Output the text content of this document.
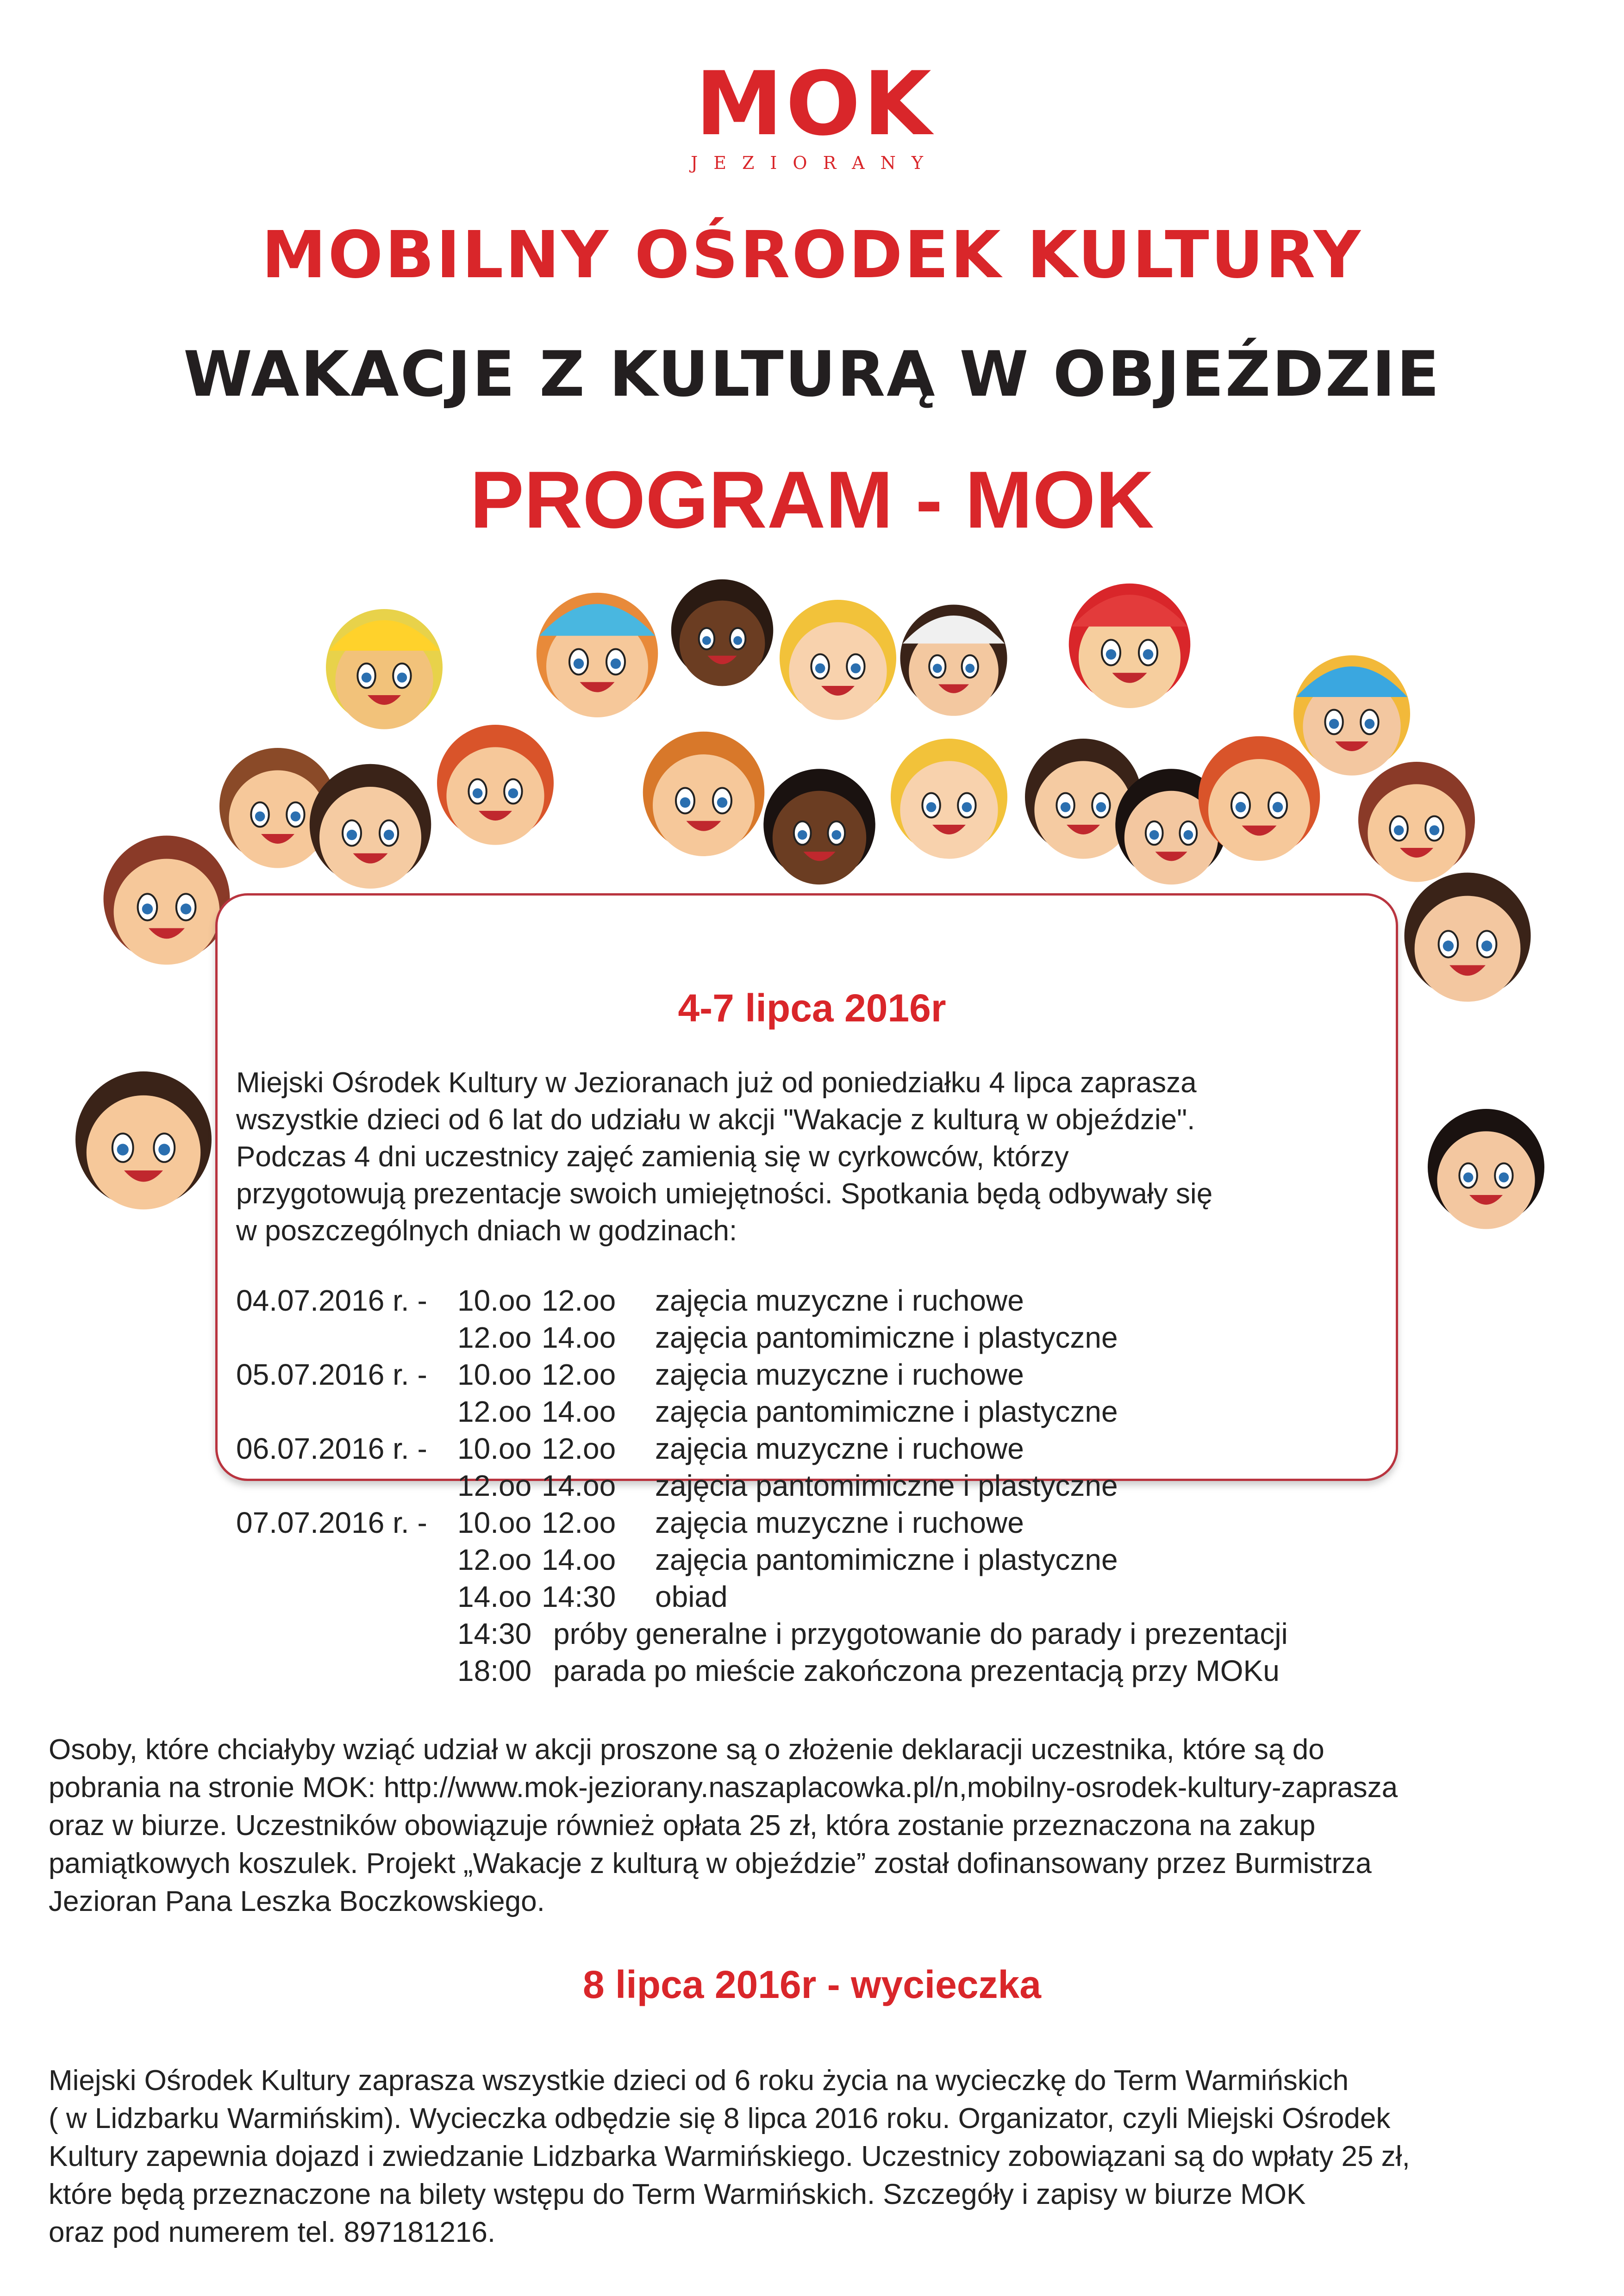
MOK
JEZIORANY
MOBILNY OŚRODEK KULTURY
WAKACJE Z KULTURĄ W OBJEŹDZIE
PROGRAM - MOK
4-7 lipca 2016r

Miejski Ośrodek Kultury w Jezioranach już od poniedziałku 4 lipca zaprasza

wszystkie dzieci od 6 lat do udziału w akcji "Wakacje z kulturą w objeździe".

Podczas 4 dni uczestnicy zajęć zamienią się w cyrkowców, którzy

przygotowują prezentacje swoich umiejętności. Spotkania będą odbywały się

w poszczególnych dniach w godzinach:

04.07.2016 r. - 10.oo 12.oo zajęcia muzyczne i ruchowe
12.oo 14.oo zajęcia pantomimiczne i plastyczne
05.07.2016 r. - 10.oo 12.oo zajęcia muzyczne i ruchowe
12.oo 14.oo zajęcia pantomimiczne i plastyczne
06.07.2016 r. - 10.oo 12.oo zajęcia muzyczne i ruchowe
12.oo 14.oo zajęcia pantomimiczne i plastyczne
07.07.2016 r. - 10.oo 12.oo zajęcia muzyczne i ruchowe
12.oo 14.oo zajęcia pantomimiczne i plastyczne
14.oo 14:30 obiad
14:30 próby generalne i przygotowanie do parady i prezentacji
18:00 parada po mieście zakończona prezentacją przy MOKu

Osoby, które chciałyby wziąć udział w akcji proszone są o złożenie deklaracji uczestnika, które są do

pobrania na stronie MOK: http://www.mok-jeziorany.naszaplacowka.pl/n,mobilny-osrodek-kultury-zaprasza

oraz w biurze. Uczestników obowiązuje również opłata 25 zł, która zostanie przeznaczona na zakup

pamiątkowych koszulek. Projekt „Wakacje z kulturą w objeździe” został dofinansowany przez Burmistrza

Jezioran Pana Leszka Boczkowskiego.

8 lipca 2016r - wycieczka

Miejski Ośrodek Kultury zaprasza wszystkie dzieci od 6 roku życia na wycieczkę do Term Warmińskich

( w Lidzbarku Warmińskim). Wycieczka odbędzie się 8 lipca 2016 roku. Organizator, czyli Miejski Ośrodek

Kultury zapewnia dojazd i zwiedzanie Lidzbarka Warmińskiego. Uczestnicy zobowiązani są do wpłaty 25 zł,

które będą przeznaczone na bilety wstępu do Term Warmińskich. Szczegóły i zapisy w biurze MOK

oraz pod numerem tel. 897181216.
